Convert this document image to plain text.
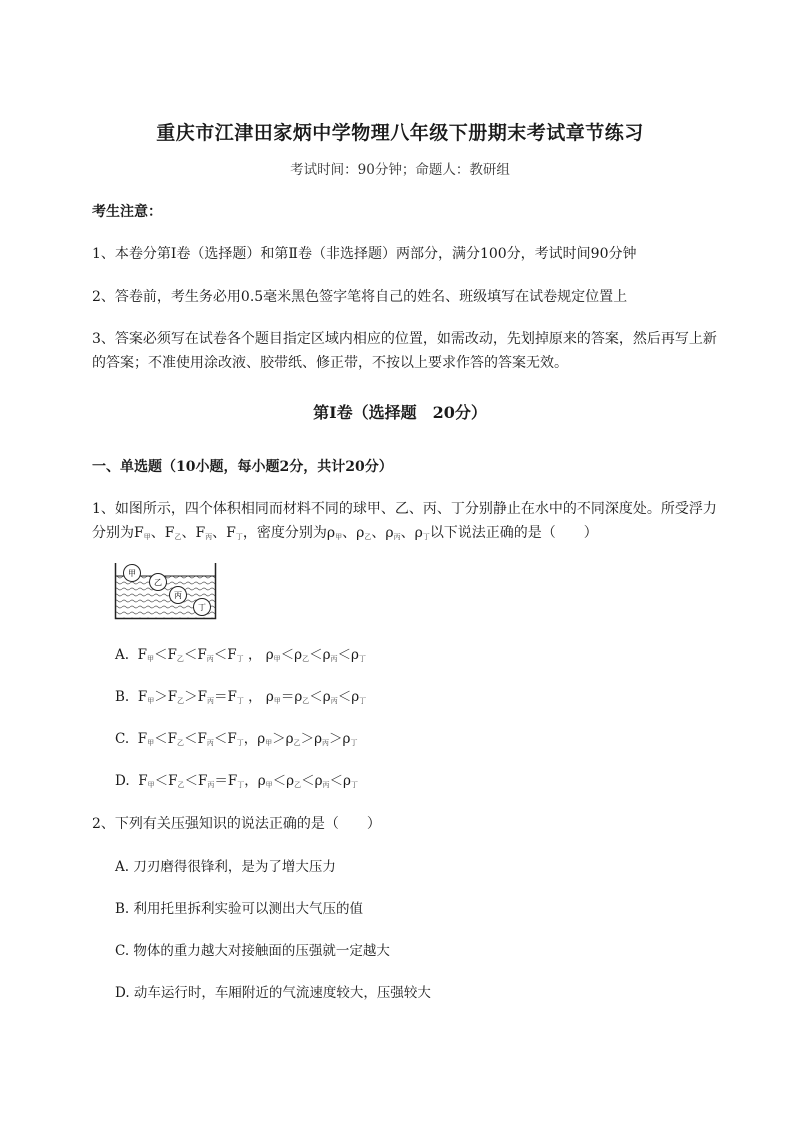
重庆市江津田家炳中学物理八年级下册期末考试章节练习
考试时间：90分钟；命题人：教研组
考生注意：
1、本卷分第I卷（选择题）和第Ⅱ卷（非选择题）两部分，满分100分，考试时间90分钟
2、答卷前，考生务必用0.5毫米黑色签字笔将自己的姓名、班级填写在试卷规定位置上
3、答案必须写在试卷各个题目指定区域内相应的位置，如需改动，先划掉原来的答案，然后再写上新
的答案；不准使用涂改液、胶带纸、修正带，不按以上要求作答的答案无效。
第I卷（选择题　20分）
一、单选题（10小题，每小题2分，共计20分）
1、如图所示，四个体积相同而材料不同的球甲、乙、丙、丁分别静止在水中的不同深度处。所受浮力
分别为$F_甲$、$F_乙$、$F_丙$、$F_丁$，密度分别为$\rho_甲$、$\rho_乙$、$\rho_丙$、$\rho_丁$以下说法正确的是（　　）
甲
乙
丙
丁
A. $F_甲<F_乙<F_丙<F_丁$ ， $\rho_甲<\rho_乙<\rho_丙<\rho_丁$
B. $F_甲>F_乙>F_丙=F_丁$ ， $\rho_甲=\rho_乙<\rho_丙<\rho_丁$
C. $F_甲<F_乙<F_丙<F_丁$，$\rho_甲>\rho_乙>\rho_丙>\rho_丁$
D. $F_甲<F_乙<F_丙=F_丁$，$\rho_甲<\rho_乙<\rho_丙<\rho_丁$
2、下列有关压强知识的说法正确的是（　　）
A. 刀刃磨得很锋利，是为了增大压力
B. 利用托里拆利实验可以测出大气压的值
C. 物体的重力越大对接触面的压强就一定越大
D. 动车运行时，车厢附近的气流速度较大，压强较大
